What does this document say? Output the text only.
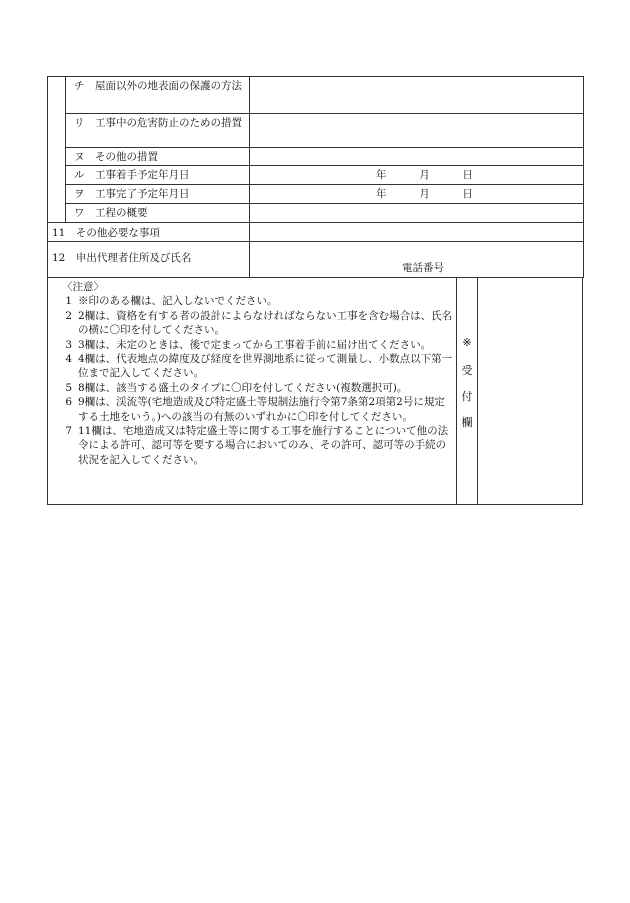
	チ　屋面以外の地表面の保護の方法	
	リ　工事中の危害防止のための措置	
	ヌ　その他の措置	
	ル　工事着手予定年月日	年 月 日

	ヲ　工事完了予定年月日	年 月 日

	ワ　工程の概要	
11　その他必要な事項		
12　申出代理者住所及び氏名		電話番号
〈注意〉
1 ※印のある欄は、記入しないでください。
2 2欄は、資格を有する者の設計によらなければならない工事を含む場合は、氏名の横に〇印を付してください。
3 3欄は、未定のときは、後で定まってから工事着手前に届け出てください。
4 4欄は、代表地点の緯度及び経度を世界測地系に従って測量し、小数点以下第一位まで記入してください。
5 8欄は、該当する盛土のタイプに〇印を付してください(複数選択可)。
6 9欄は、渓流等(宅地造成及び特定盛土等規制法施行令第7条第2項第2号に規定する土地をいう。)への該当の有無のいずれかに〇印を付してください。
7 11欄は、宅地造成又は特定盛土等に関する工事を施行することについて他の法令による許可、認可等を要する場合においてのみ、その許可、認可等の手続の状況を記入してください。
※
受
付
欄
